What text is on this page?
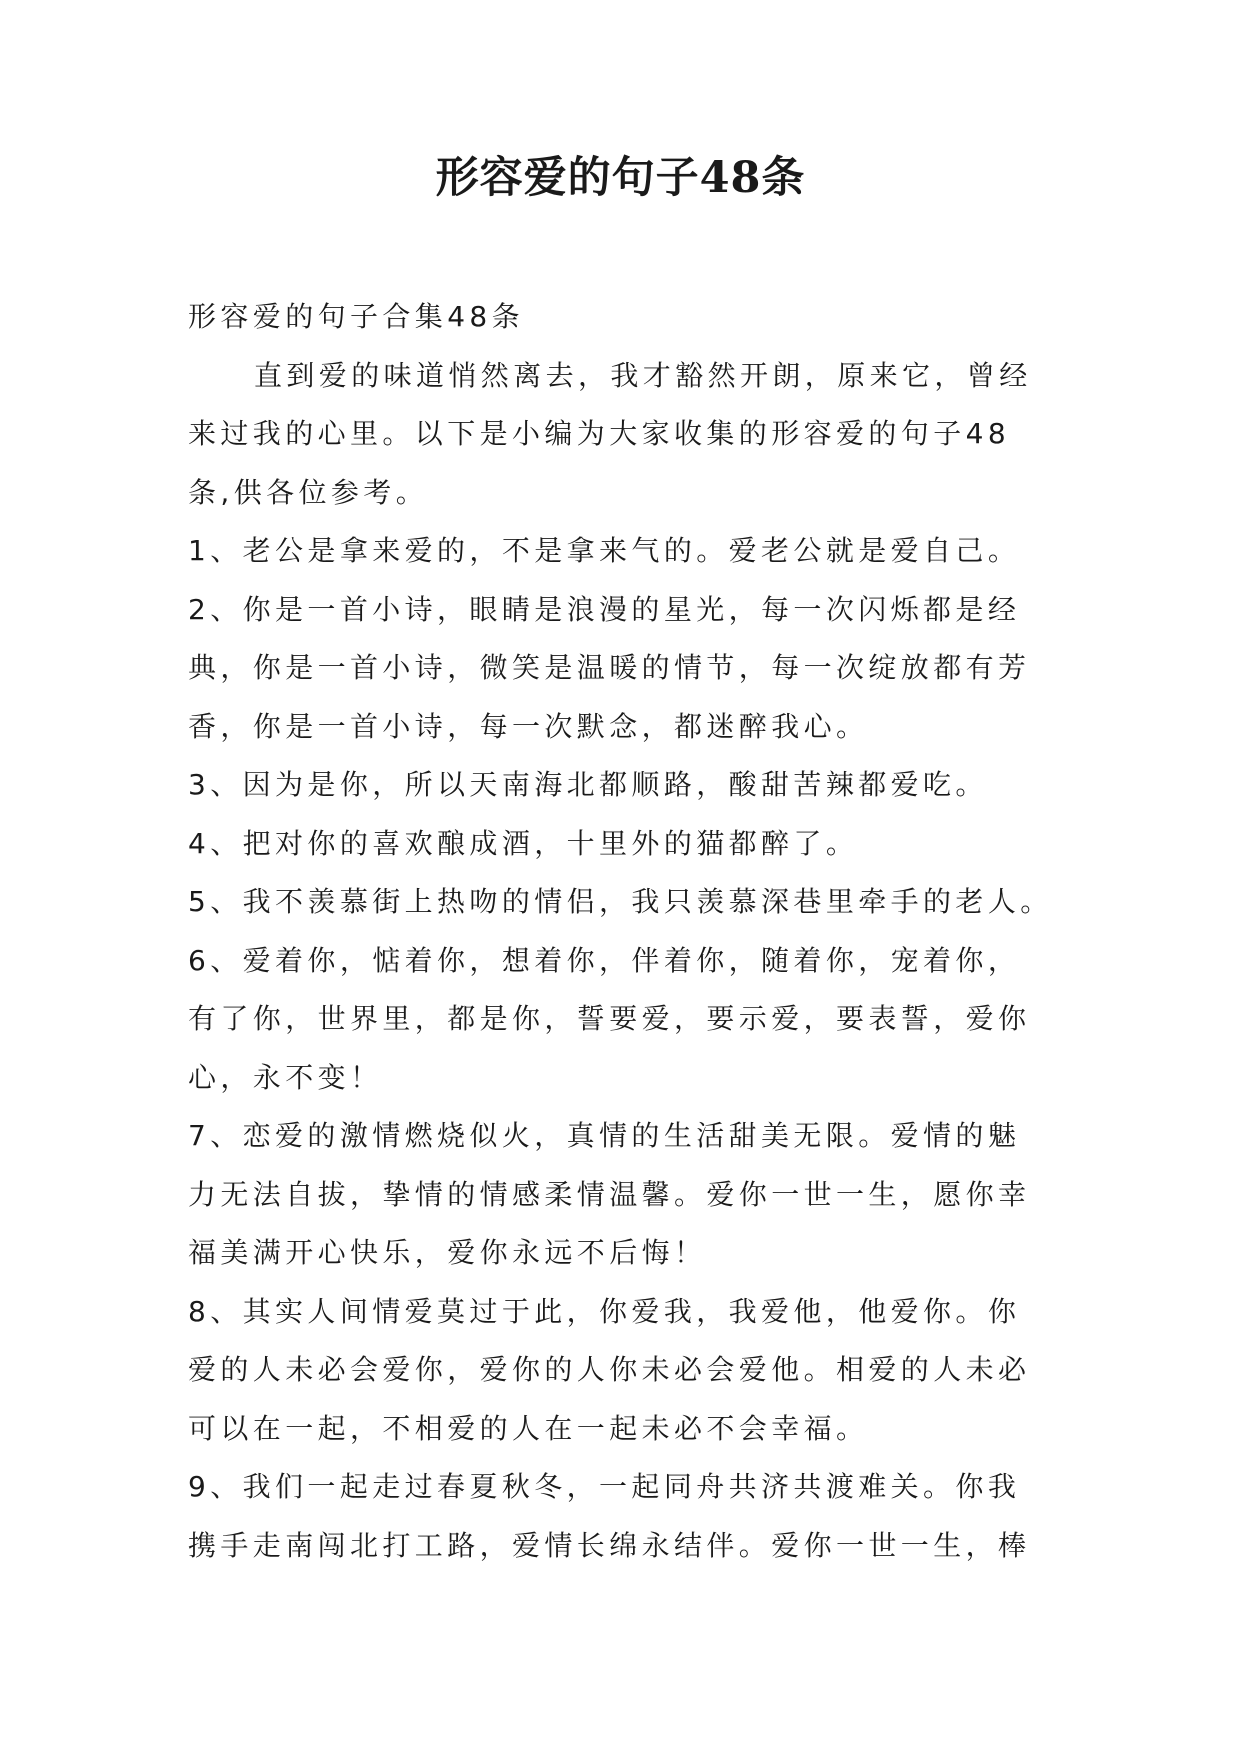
形容爱的句子48条
形容爱的句子合集48条
直到爱的味道悄然离去，我才豁然开朗，原来它，曾经
来过我的心里。以下是小编为大家收集的形容爱的句子48
条,供各位参考。
1、老公是拿来爱的，不是拿来气的。爱老公就是爱自己。
2、你是一首小诗，眼睛是浪漫的星光，每一次闪烁都是经
典，你是一首小诗，微笑是温暖的情节，每一次绽放都有芳
香，你是一首小诗，每一次默念，都迷醉我心。
3、因为是你，所以天南海北都顺路，酸甜苦辣都爱吃。
4、把对你的喜欢酿成酒，十里外的猫都醉了。
5、我不羡慕街上热吻的情侣，我只羡慕深巷里牵手的老人。
6、爱着你，惦着你，想着你，伴着你，随着你，宠着你，
有了你，世界里，都是你，誓要爱，要示爱，要表誓，爱你
心，永不变！
7、恋爱的激情燃烧似火，真情的生活甜美无限。爱情的魅
力无法自拔，挚情的情感柔情温馨。爱你一世一生，愿你幸
福美满开心快乐，爱你永远不后悔！
8、其实人间情爱莫过于此，你爱我，我爱他，他爱你。你
爱的人未必会爱你，爱你的人你未必会爱他。相爱的人未必
可以在一起，不相爱的人在一起未必不会幸福。
9、我们一起走过春夏秋冬，一起同舟共济共渡难关。你我
携手走南闯北打工路，爱情长绵永结伴。爱你一世一生，棒
